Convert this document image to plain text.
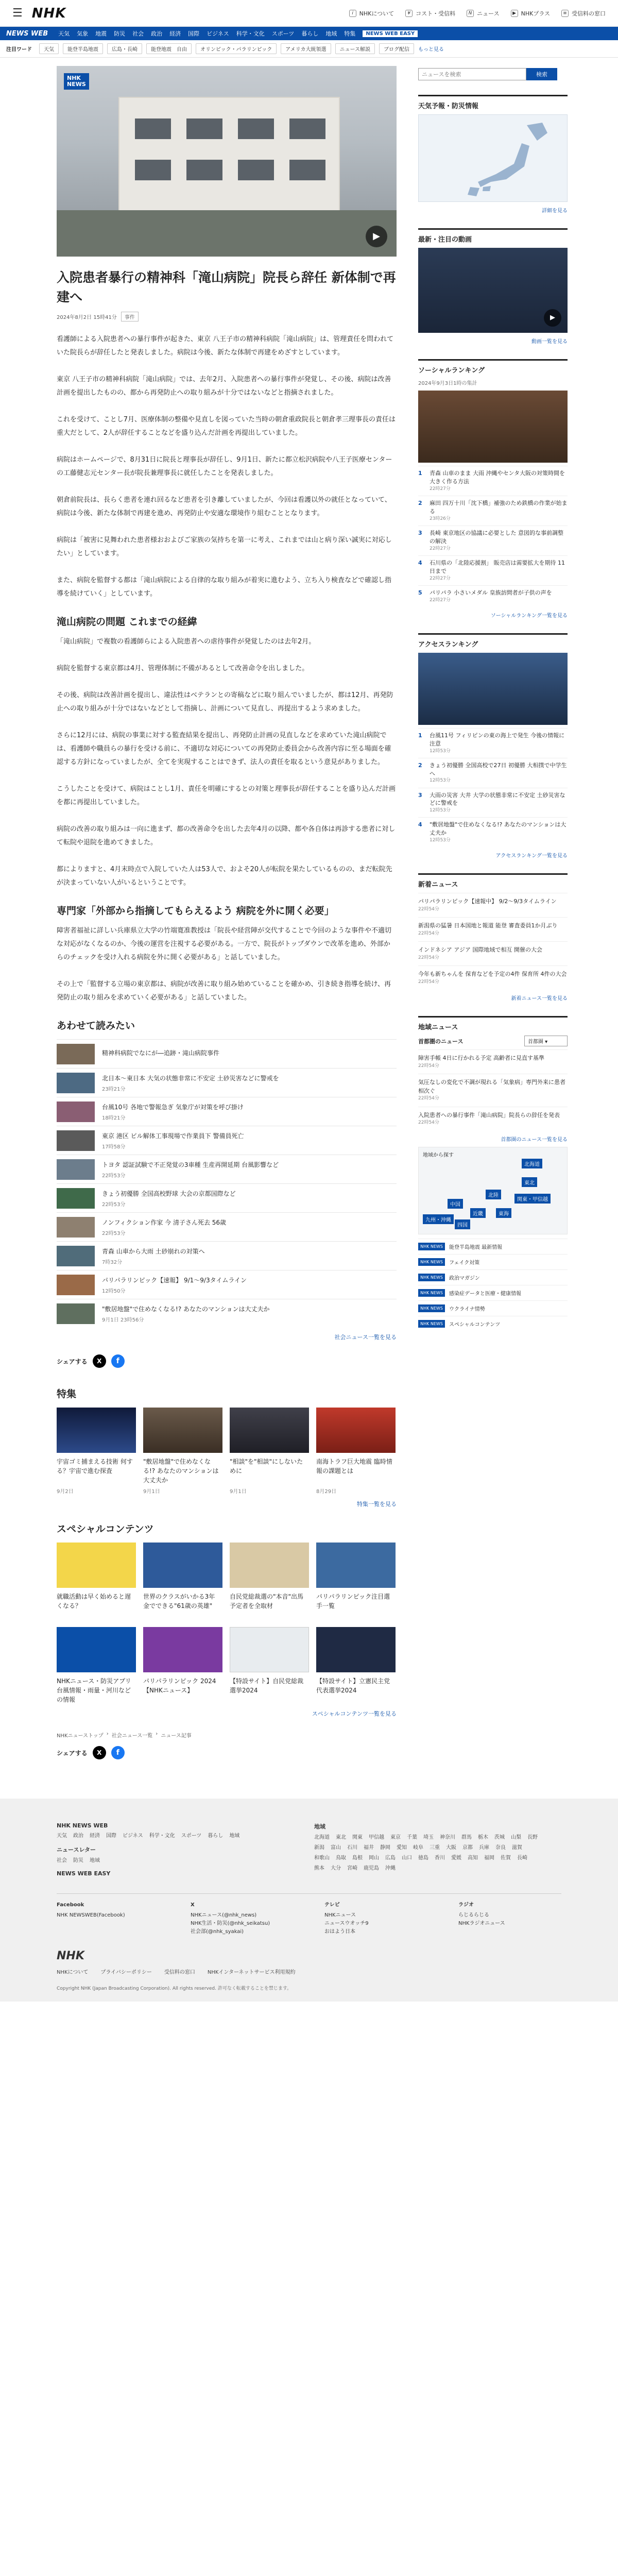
☰ NHK	i	NHKについて	¥ コスト・受信料	N ニュース	▶ NHKプラス	≡ 受信料の窓口
NEWS WEB 天気 気象 地震 防災 社会 政治 経済 国際 ビジネス 科学・文化 スポーツ 暮らし 地域 特集	NEWS WEB EASY
注目ワード	天気	能登半島地震	広島・長崎	能登地震　自由	オリンピック・パラリンピック	アメリカ大統領選	ニュース解説	ブログ配信	もっと見る
NHK
NEWS
▶
入院患者暴行の精神科「滝山病院」院長ら辞任 新体制で再建へ
2024年8月2日 15時41分	事件

看護師による入院患者への暴行事件が起きた、東京 八王子市の精神科病院「滝山病院」は、管理責任を問われていた院長らが辞任したと発表しました。病院は今後、新たな体制で再建をめざすとしています。

東京 八王子市の精神科病院「滝山病院」では、去年2月、入院患者への暴行事件が発覚し、その後、病院は改善計画を提出したものの、都から再発防止への取り組みが十分ではないなどと指摘されました。

これを受けて、ことし7月、医療体制の整備や見直しを図っていた当時の朝倉重政院長と朝倉孝三理事長の責任は重大だとして、2人が辞任することなどを盛り込んだ計画を再提出していました。

病院はホームページで、8月31日に院長と理事長が辞任し、9月1日、新たに都立松沢病院や八王子医療センターの工藤健志元センター長が院長兼理事長に就任したことを発表しました。

朝倉前院長は、長らく患者を連れ回るなど患者を引き離していましたが、今回は看護以外の就任となっていて、病院は今後、新たな体制で再建を進め、再発防止や安適な環境作り組むこととなります。

病院は「被害に見舞われた患者様おおよびご家族の気持ちを第一に考え、これまでは山と病り深い誠実に対応したい」としています。

また、病院を監督する都は「滝山病院による自律的な取り組みが着実に進むよう、立ち入り検査などで確認し指導を続けていく」としています。

滝山病院の問題 これまでの経緯

「滝山病院」で複数の看護師らによる入院患者への虐待事件が発覚したのは去年2月。

病院を監督する東京都は4月、管理体制に不備があるとして改善命令を出しました。

その後、病院は改善計画を提出し、違法性はベテランとの寄稿などに取り組んでいましたが、都は12月、再発防止への取り組みが十分ではないなどとして指摘し、計画について見直し、再提出するよう求めました。

さらに12月には、病院の事業に対する監査結果を提出し、再発防止計画の見直しなどを求めていた滝山病院では、看護師や職員らの暴行を受ける前に、不適切な対応についての再発防止委員会から改善内容に至る場面を確認する方針になっていましたが、全てを実現することはできず、法人の責任を取るという意見がありました。

こうしたことを受けて、病院はことし1月、責任を明確にするとの対策と理事長が辞任することを盛り込んだ計画を都に再提出していました。

病院の改善の取り組みは一向に進まず、都の改善命令を出した去年4月の以降、都や各自体は再診する患者に対して転院や退院を進めてきました。

都によりますと、4月末時点で入院していた人は53人で、およそ20人が転院を果たしているものの、まだ転院先が決まっていない人がいるということです。

専門家「外部から指摘してもらえるよう 病院を外に開く必要」

障害者福祉に詳しい兵庫県立大学の竹端寛准教授は「院長や経営陣が交代することで今回のような事件や不適切な対応がなくなるのか、今後の運営を注視する必要がある。一方で、院長がトップダウンで改革を進め、外部からのチェックを受け入れる病院を外に開く必要がある」と話していました。

その上で「監督する立場の東京都は、病院が改善に取り組み始めていることを確かめ、引き続き指導を続け、再発防止の取り組みを求めていく必要がある」と話していました。

あわせて読みたい
精神科病院でなにが―追跡・滝山病院事件
北日本〜東日本 大気の状態非常に不安定 土砂災害などに警戒を
23時21分
台風10号 各地で警報急ぎ 気象庁が対策を呼び掛け
18時21分
東京 港区 ビル解体工事現場で作業員下 警備員死亡
17時58分
トヨタ 認証試験で不正発覚の3車種 生産再開延期 台風影響など
22時53分
きょう初優勝 全国高校野球 大会の京都国際など
22時53分
ノンフィクション作家 今 清子さん死去 56歳
22時53分
青森 山車から大雨 土砂崩れの対策へ
7時32分
パリパラリンピック【速報】 9/1〜9/3タイムライン
12時50分
"敷居地盤"で住めなくなる!? あなたのマンションは大丈夫か
9月1日 23時56分
社会ニュース一覧を見る
シェアする	X	f
特集
宇宙ゴミ捕まえる技術 何する？宇宙で進む探査
9月2日
"敷居地盤"で住めなくなる!? あなたのマンションは大丈夫か
9月1日
"相談"を"相談"にしないために
9月1日
南海トラフ巨大地震 臨時情報の課題とは
8月29日
特集一覧を見る
スペシャルコンテンツ
就職活動は早く始めると遅くなる？
世界のクラスがいかる3年 金でできる"61歳の英雄"
自民党総裁選の"本音"出馬予定者を全取材
パリパラリンピック注目選手一覧
NHKニュース・防災アプリ 台風情報・雨量・河川などの情報
パリパラリンピック 2024【NHKニュース】
【特設サイト】自民党総裁選挙2024
【特設サイト】立憲民主党代表選挙2024
スペシャルコンテンツ一覧を見る
NHKニューストップ › 社会ニュース一覧 › ニュース記事
シェアする	X	f
ニュースを検索
検索
天気予報・防災情報
詳細を見る
最新・注目の動画
▶
動画一覧を見る
ソーシャルランキング
2024年9月3日1時の集計
1	青森 山車のまま 大雨 沖縄やセンタ大阪の対策時間を大きく作る方法
22時27分
2	麻田 四万十川「沈下橋」補強のため鉄橋の作業が始まる
23時26分
3	長崎 東京地区の協議に必要とした 意図的な事前調整の解決
22時27分
4	石川県の「北陸応援割」 販売店は需要拡大を期待 11日まで
22時27分
5	パリパラ 小さいメダル 皇族訪問者が子供の声を
22時27分
ソーシャルランキング一覧を見る
アクセスランキング
1	台風11号 フィリピンの東の海上で発生 今後の情報に注意
12時53分
2	きょう初優勝 全国高校で27日 初優勝 大相撲で中学生へ
12時53分
3	大雨の災害 大井 大学の状態非常に不安定 土砂災害などに警戒を
12時53分
4	"敷居地盤"で住めなくなる!? あなたのマンションは大丈夫か
12時53分
アクセスランキング一覧を見る
新着ニュース
パリパラリンピック【速報中】 9/2〜9/3タイムライン
22時54分
新潟県の猛暑 日本国地と報道 能登 審査委員1か月ぶり
22時54分
インドネシア アジア 国際地域で相互 開催の大会
22時54分
今年も新ちゃんを 保育などを予定の4件 保育所 4件の大会
22時54分
新着ニュース一覧を見る
地域ニュース
首都圏のニュース	首都圏 ▾
障害手帳 4日に行かれる予定 高齢者に見直す基準
22時54分
気圧なしの変化で不調が現れる「気象病」専門外来に患者相次ぐ
22時54分
入院患者への暴行事件「滝山病院」院長らの辞任を発表
22時54分
首都圏のニュース一覧を見る
地域から探す
北海道
東北
関東・甲信越
東海
北陸
近畿
中国
四国
九州・沖縄
NHK NEWS	能登半島地震 最新情報
NHK NEWS	フェイク対策
NHK NEWS	政治マガジン
NHK NEWS	感染症データと医療・健康情報
NHK NEWS	ウクライナ情勢
NHK NEWS	スペシャルコンテンツ
NHK NEWS WEB
天気 政治 経済 国際 ビジネス 科学・文化 スポーツ 暮らし 地域
ニュースレター
社会 防災 地域
NEWS WEB EASY
地域
北海道 東北 関東 甲信越 東京 千葉 埼玉 神奈川 群馬 栃木 茨城 山梨 長野
新潟 富山 石川 福井 静岡 愛知 岐阜 三重 大阪 京都 兵庫 奈良 滋賀
和歌山 鳥取 島根 岡山 広島 山口 徳島 香川 愛媛 高知 福岡 佐賀 長崎
熊本 大分 宮崎 鹿児島 沖縄
Facebook
NHK NEWSWEB(Facebook)
X
NHKニュース(@nhk_news)
NHK生活・防災(@nhk_seikatsu)
社会部(@nhk_syakai)
テレビ
NHKニュース
ニュースウオッチ9
おはよう日本
ラジオ
らじるらじる
NHKラジオニュース
NHK
NHKについて プライバシーポリシー 受信料の窓口 NHKインターネットサービス利用規約
Copyright NHK (Japan Broadcasting Corporation). All rights reserved. 許可なく転載することを禁じます。
